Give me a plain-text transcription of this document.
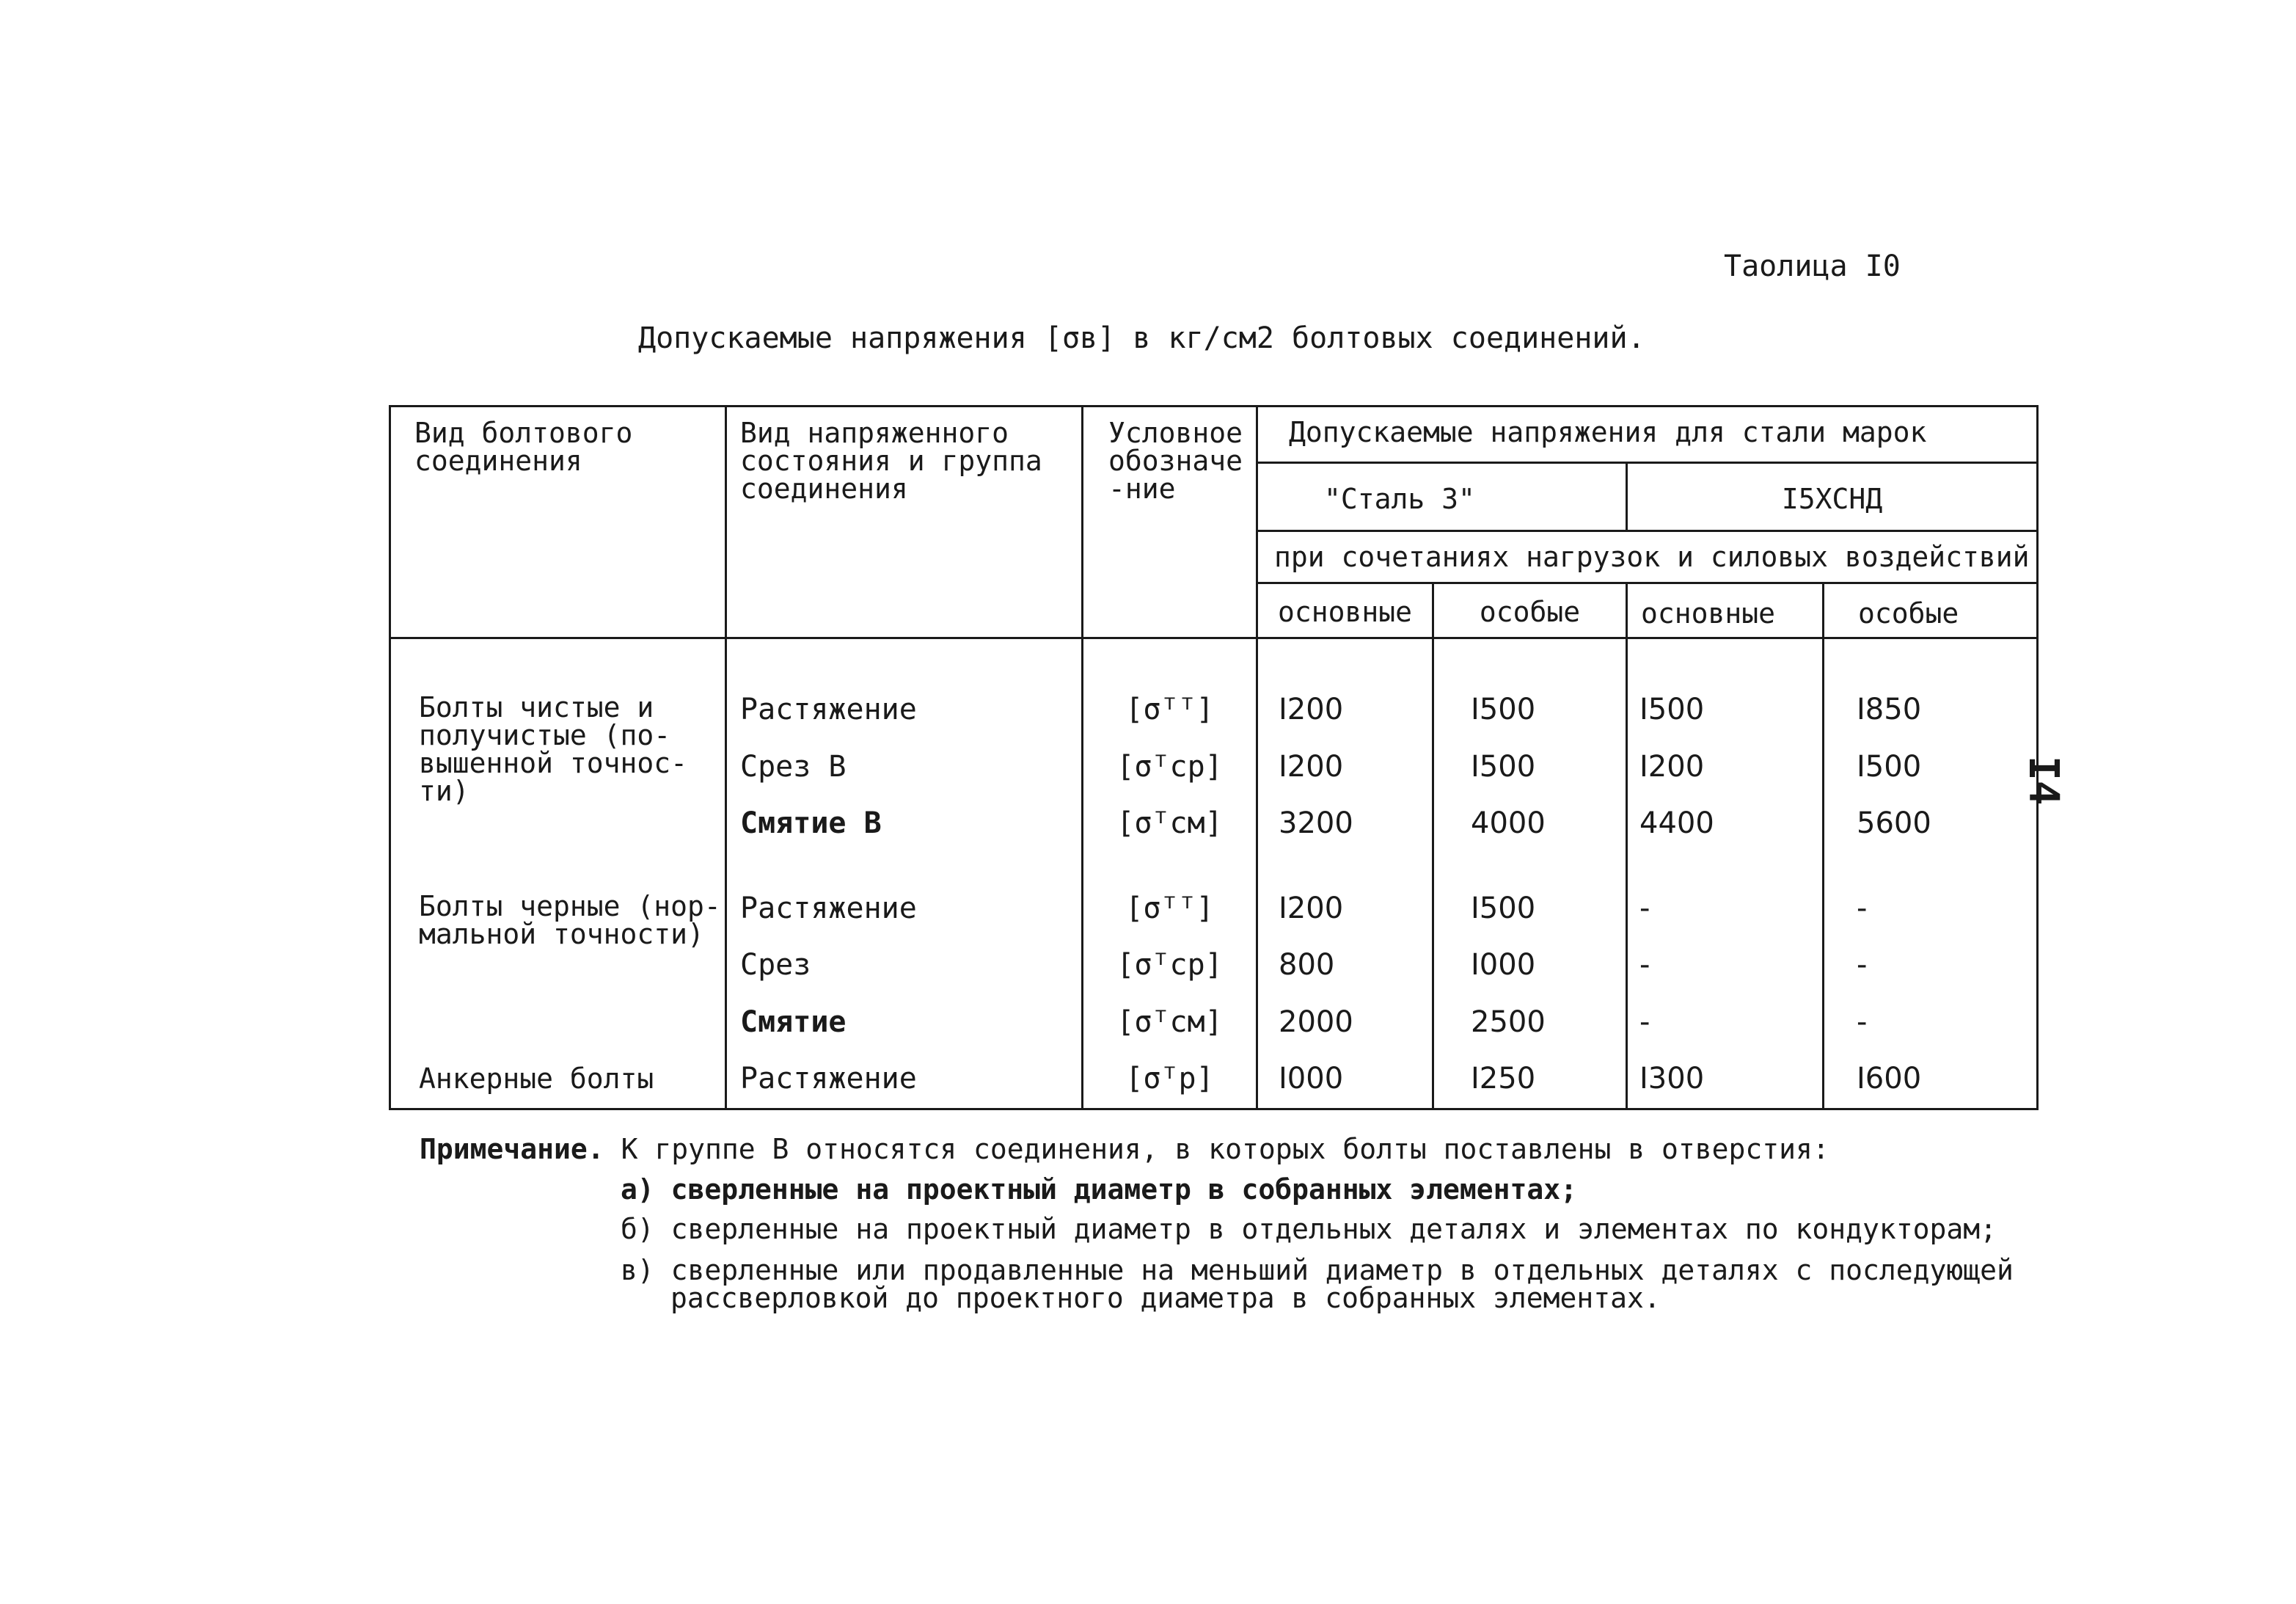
Таолица I0
Допускаемые напряжения [σв] в кг/см2 болтовых соединений.
I4
Вид болтового соединения	Вид напряженного состояния и группа соединения	Условное обозначе-ние	Допускаемые напряжения для стали марок				

			"Сталь 3"		I5ХСНД		

			при сочетаниях нагрузок и силовых воздействий				

			основные	особые	основные	особые	

Болты чистые и получистые (по-вышенной точнос-ти)	Растяжение	[σᵀᵀ]	I200	I500	I500	I850	

	Срез В	[σᵀср]	I200	I500	I200	I500	

	Смятие В	[σᵀсм]	3200	4000	4400	5600	

Болты черные (нор-мальной точности)	Растяжение	[σᵀᵀ]	I200	I500	-	-	

	Срез	[σᵀср]	800	I000	-	-	

	Смятие	[σᵀсм]	2000	2500	-	-	

Анкерные болты	Растяжение	[σᵀр]	I000	I250	I300	I600	
Примечание. К группе В относятся соединения, в которых болты поставлены в отверстия:
а) сверленные на проектный диаметр в собранных элементах;
б) сверленные на проектный диаметр в отдельных деталях и элементах по кондукторам;
в) сверленные или продавленные на меньший диаметр в отдельных деталях с последующей
рассверловкой до проектного диаметра в собранных элементах.
